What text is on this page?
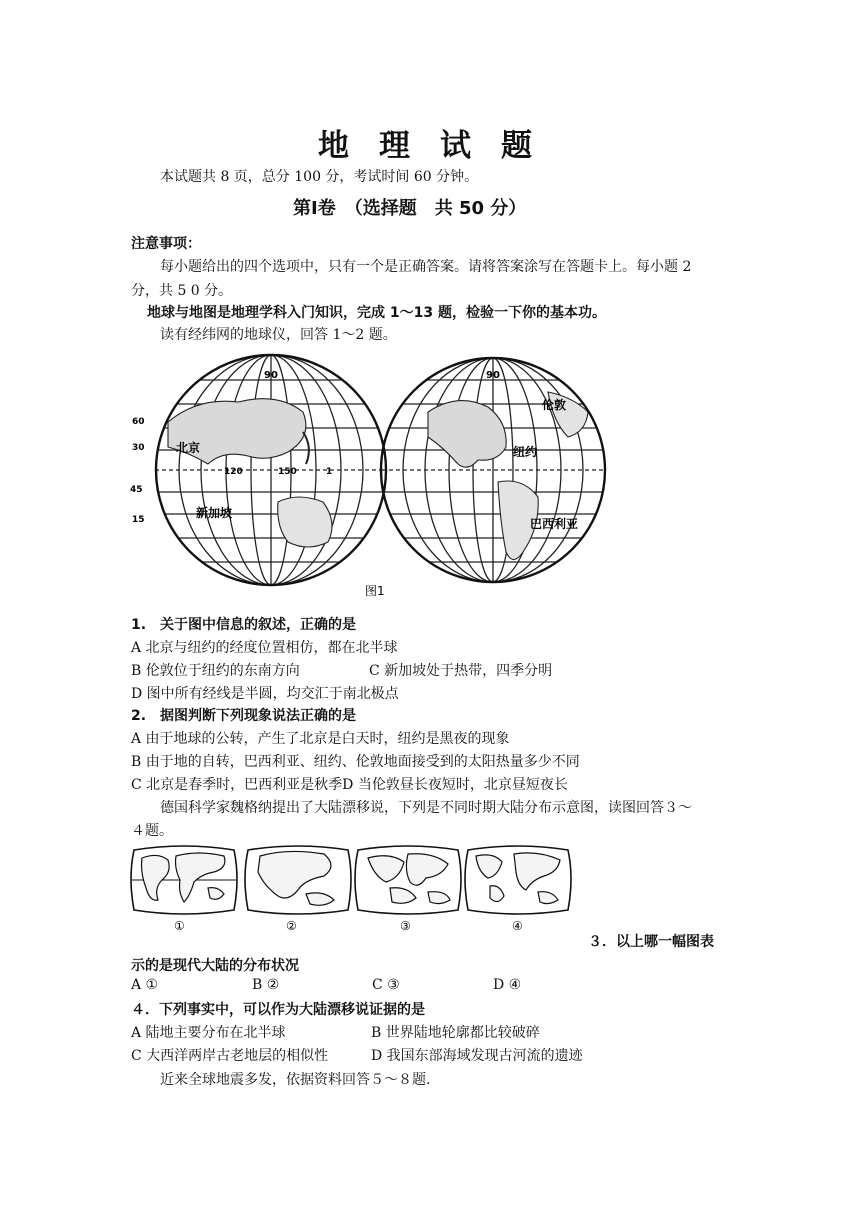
地理试题
本试题共 8 页，总分 100 分，考试时间 60 分钟。
第Ⅰ卷　（选择题　共 50 分）
注意事项：
每小题给出的四个选项中，只有一个是正确答案。请将答案涂写在答题卡上。每小题 2
分，共 5 0 分。
地球与地图是地理学科入门知识，完成 1～13 题，检验一下你的基本功。
读有经纬网的地球仪，回答 1～2 题。
90
120	150	1
60
30
45
15
北京
新加坡
90
伦敦
纽约
巴西利亚
图1
1.　关于图中信息的叙述，正确的是
A 北京与纽约的经度位置相仿，都在北半球
B 伦敦位于纽约的东南方向	C 新加坡处于热带，四季分明
D 图中所有经线是半圆，均交汇于南北极点
2.　据图判断下列现象说法正确的是
A 由于地球的公转，产生了北京是白天时，纽约是黑夜的现象
B 由于地的自转，巴西利亚、纽约、伦敦地面接受到的太阳热量多少不同
C 北京是春季时，巴西利亚是秋季D 当伦敦昼长夜短时，北京昼短夜长
德国科学家魏格纳提出了大陆漂移说，下列是不同时期大陆分布示意图，读图回答３～
４题。
①	②	③	④
３．以上哪一幅图表
示的是现代大陆的分布状况
A ①	B ②	C ③	D ④
４．下列事实中，可以作为大陆漂移说证据的是
A 陆地主要分布在北半球	B 世界陆地轮廓都比较破碎
C 大西洋两岸古老地层的相似性	D 我国东部海域发现古河流的遗迹
近来全球地震多发，依据资料回答５～８题.
